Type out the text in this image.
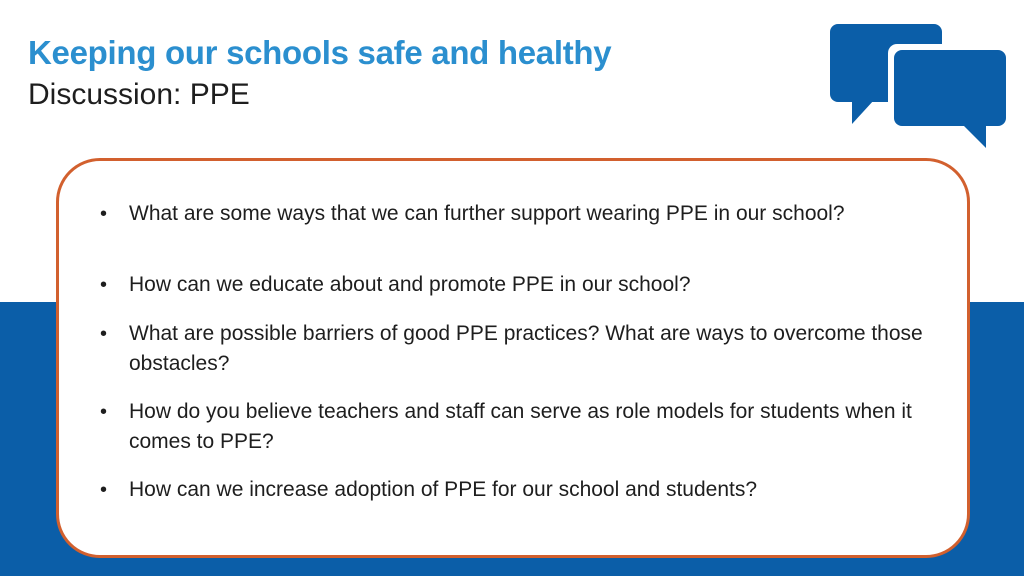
Keeping our schools safe and healthy
Discussion: PPE
• What are some ways that we can further support wearing PPE in our school?
• How can we educate about and promote PPE in our school?
• What are possible barriers of good PPE practices? What are ways to overcome those obstacles?
• How do you believe teachers and staff can serve as role models for students when it comes to PPE?
• How can we increase adoption of PPE for our school and students?
